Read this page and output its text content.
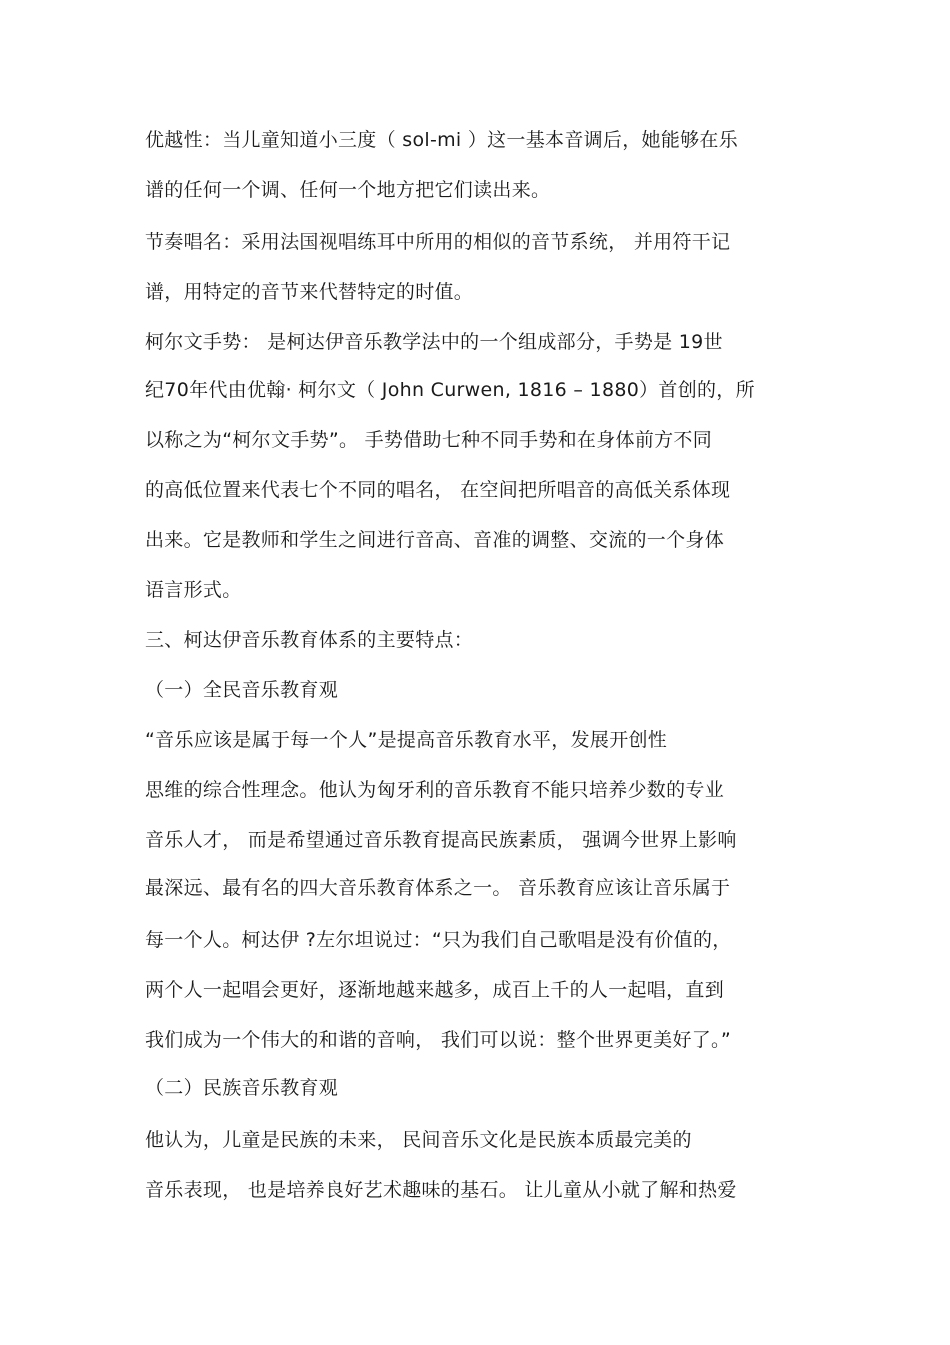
优越性：当儿童知道小三度（ sol-mi ）这一基本音调后，她能够在乐
谱的任何一个调、任何一个地方把它们读出来。
节奏唱名：采用法国视唱练耳中所用的相似的音节系统， 并用符干记
谱，用特定的音节来代替特定的时值。
柯尔文手势： 是柯达伊音乐教学法中的一个组成部分，手势是 19世
纪70年代由优翰· 柯尔文（ John Curwen, 1816 – 1880）首创的，所
以称之为“柯尔文手势”。 手势借助七种不同手势和在身体前方不同
的高低位置来代表七个不同的唱名， 在空间把所唱音的高低关系体现
出来。它是教师和学生之间进行音高、音准的调整、交流的一个身体
语言形式。
三、柯达伊音乐教育体系的主要特点：
（一）全民音乐教育观
“音乐应该是属于每一个人”是提高音乐教育水平，发展开创性
思维的综合性理念。他认为匈牙利的音乐教育不能只培养少数的专业
音乐人才， 而是希望通过音乐教育提高民族素质， 强调今世界上影响
最深远、最有名的四大音乐教育体系之一。 音乐教育应该让音乐属于
每一个人。柯达伊 ?左尔坦说过：“只为我们自己歌唱是没有价值的，
两个人一起唱会更好，逐渐地越来越多，成百上千的人一起唱，直到
我们成为一个伟大的和谐的音响， 我们可以说：整个世界更美好了。”
（二）民族音乐教育观
他认为，儿童是民族的未来， 民间音乐文化是民族本质最完美的
音乐表现， 也是培养良好艺术趣味的基石。 让儿童从小就了解和热爱
